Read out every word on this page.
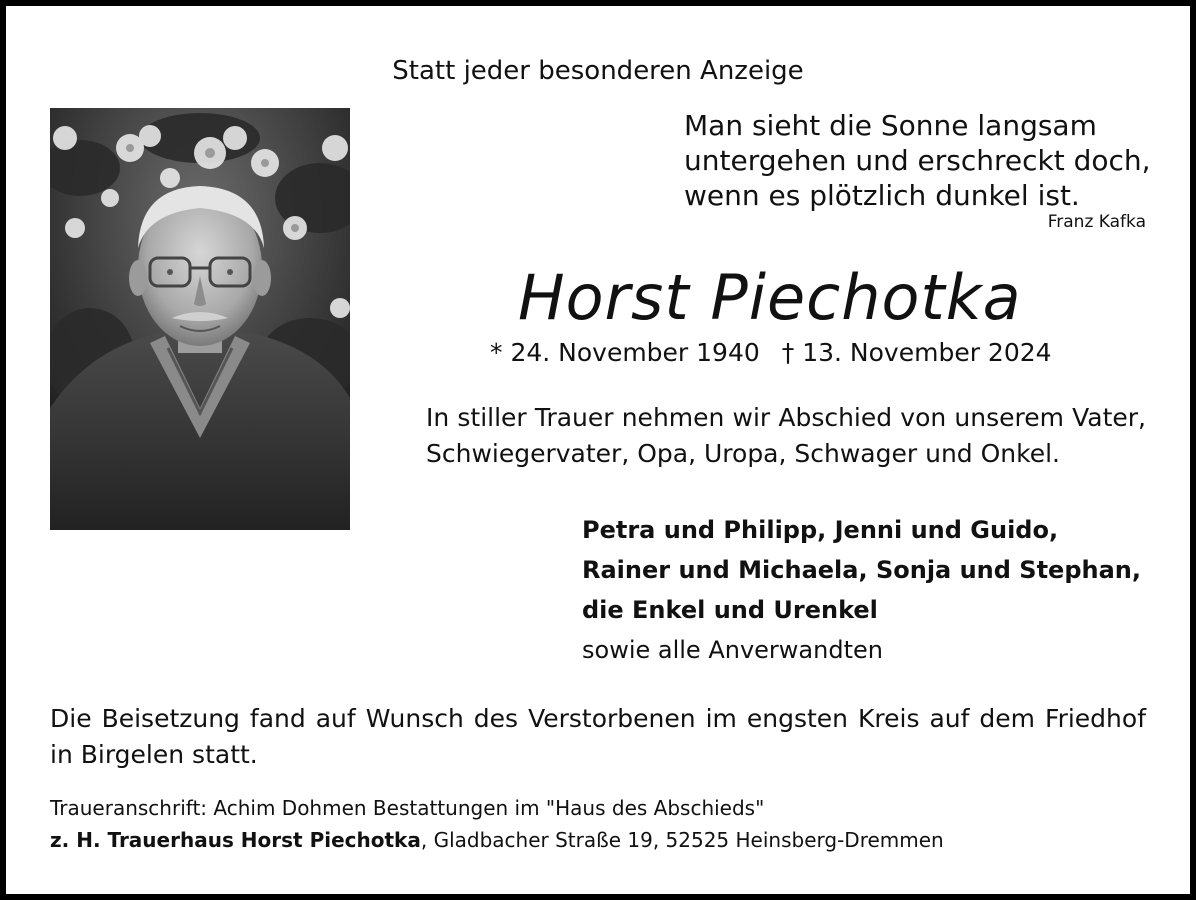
Statt jeder besonderen Anzeige
Man sieht die Sonne langsam
untergehen und erschreckt doch,
wenn es plötzlich dunkel ist.
Franz Kafka
Horst Piechotka
* 24. November 1940 † 13. November 2024

In stiller Trauer nehmen wir Abschied von unserem Vater, Schwiegervater, Opa, Uropa, Schwager und Onkel.

Petra und Philipp, Jenni und Guido,
Rainer und Michaela, Sonja und Stephan,
die Enkel und Urenkel
sowie alle Anverwandten

Die Beisetzung fand auf Wunsch des Verstorbenen im engsten Kreis auf dem Friedhof in Birgelen statt.

Traueranschrift: Achim Dohmen Bestattungen im "Haus des Abschieds"
z. H. Trauerhaus Horst Piechotka, Gladbacher Straße 19, 52525 Heinsberg-Dremmen
